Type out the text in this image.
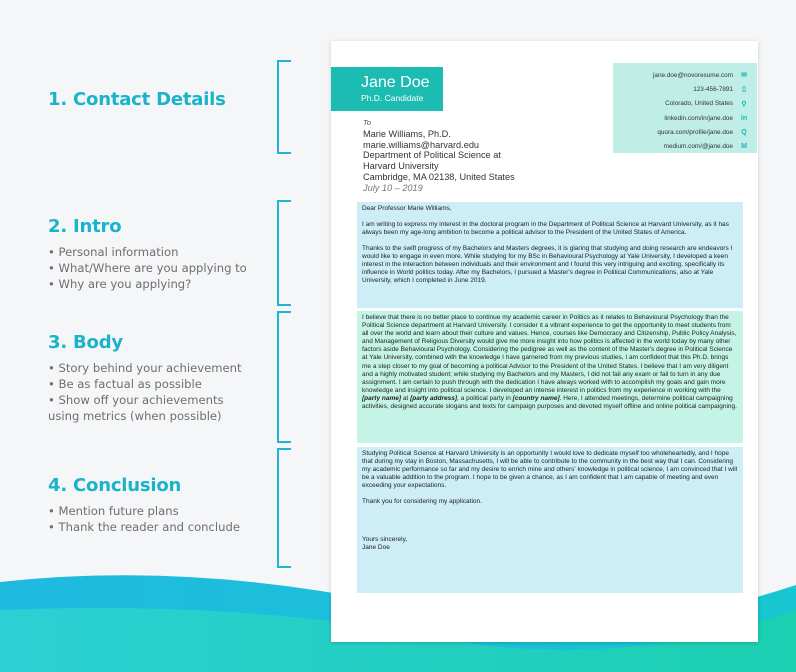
1. Contact Details
2. Intro
• Personal information
• What/Where are you applying to
• Why are you applying?
3. Body
• Story behind your achievement
• Be as factual as possible
• Show off your achievements using metrics (when possible)
4. Conclusion
• Mention future plans
• Thank the reader and conclude
Jane Doe
Ph.D. Candidate
jane.doe@novoresume.com ✉
123-456-7891	▯
Colorado, United States	⚲
linkedin.com/in/jane.doe in
quora.com/profile/jane.doe	Q
medium.com/@jane.doe M
To
Marie Williams, Ph.D.
marie.williams@harvard.edu
Department of Political Science at
Harvard University
Cambridge, MA 02138, United States
July 10 – 2019

Dear Professor Marie Williams,

I am writing to express my interest in the doctoral program in the Department of Political Science at Harvard University, as it has always been my age-long ambition to become a political advisor to the President of the United States of America.

Thanks to the swift progress of my Bachelors and Masters degrees, it is glaring that studying and doing research are endeavors I would like to engage in even more. While studying for my BSc in Behavioural Psychology at Yale University, I developed a keen interest in the interaction between individuals and their environment and I found this very intriguing and exciting, specifically its influence in World politics today. After my Bachelors, I pursued a Master's degree in Political Communications, also at Yale University, which I completed in June 2019.

I believe that there is no better place to continue my academic career in Politics as it relates to Behavioural Psychology than the Political Science department at Harvard University. I consider it a vibrant experience to get the opportunity to meet students from all over the world and learn about their culture and values. Hence, courses like Democracy and Citizenship, Public Policy Analysis, and Management of Religious Diversity would give me more insight into how politics is affected in the world today by many other factors aside Behavioural Psychology. Considering the pedigree as well as the content of the Master's degree in Political Science at Yale University, combined with the knowledge I have garnered from my previous studies, I am confident that this Ph.D. brings me a step closer to my goal of becoming a political Advisor to the President of the United States. I believe that I am very diligent and a highly motivated student; while studying my Bachelors and my Masters, I did not fail any exam or fail to turn in any due assignment. I am certain to push through with the dedication I have always worked with to accomplish my goals and gain more knowledge and insight into political science. I developed an intense interest in politics from my experience in working with the [party name] at [party address], a political party in [country name]. Here, I attended meetings, determine political campaigning activities, designed accurate slogans and texts for campaign purposes and devoted myself offline and online political campaigning.

Studying Political Science at Harvard University is an opportunity I would love to dedicate myself too wholeheartedly, and I hope that during my stay in Boston, Massachusetts, I will be able to contribute to the community in the best way that I can. Considering my academic performance so far and my desire to enrich mine and others' knowledge in political science, I am convinced that I will be a valuable addition to the program. I hope to be given a chance, as I am confident that I am capable of meeting and even exceeding your expectations.

Thank you for considering my application.

Yours sincerely,
Jane Doe
